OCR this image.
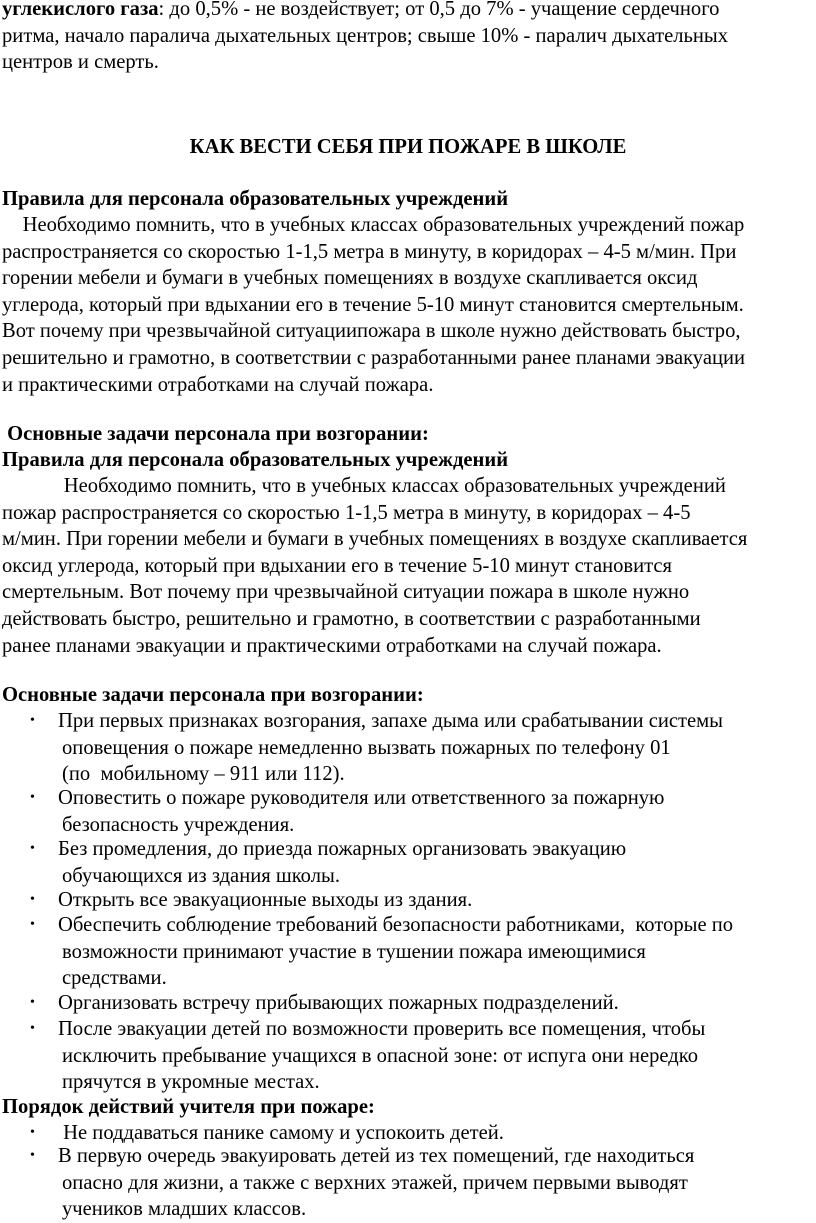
углекислого газа: до 0,5% - не воздействует; от 0,5 до 7% - учащение сердечного
ритма, начало паралича дыхательных центров; свыше 10% - паралич дыхательных
центров и смерть.
КАК ВЕСТИ СЕБЯ ПРИ ПОЖАРЕ В ШКОЛЕ
Правила для персонала образовательных учреждений
Необходимо помнить, что в учебных классах образовательных учреждений пожар
распространяется со скоростью 1-1,5 метра в минуту, в коридорах – 4-5 м/мин. При
горении мебели и бумаги в учебных помещениях в воздухе скапливается оксид
углерода, который при вдыхании его в течение 5-10 минут становится смертельным.
Вот почему при чрезвычайной ситуациипожара в школе нужно действовать быстро,
решительно и грамотно, в соответствии с разработанными ранее планами эвакуации
и практическими отработками на случай пожара.
Основные задачи персонала при возгорании:
Правила для персонала образовательных учреждений
Необходимо помнить, что в учебных классах образовательных учреждений
пожар распространяется со скоростью 1-1,5 метра в минуту, в коридорах – 4-5
м/мин. При горении мебели и бумаги в учебных помещениях в воздухе скапливается
оксид углерода, который при вдыхании его в течение 5-10 минут становится
смертельным. Вот почему при чрезвычайной ситуации пожара в школе нужно
действовать быстро, решительно и грамотно, в соответствии с разработанными
ранее планами эвакуации и практическими отработками на случай пожара.
Основные задачи персонала при возгорании:
• При первых признаках возгорания, запахе дыма или срабатывании системы
оповещения о пожаре немедленно вызвать пожарных по телефону 01
(по  мобильному – 911 или 112).
• Оповестить о пожаре руководителя или ответственного за пожарную
безопасность учреждения.
• Без промедления, до приезда пожарных организовать эвакуацию
обучающихся из здания школы.
• Открыть все эвакуационные выходы из здания.
• Обеспечить соблюдение требований безопасности работниками,  которые по
возможности принимают участие в тушении пожара имеющимися
средствами.
• Организовать встречу прибывающих пожарных подразделений.
• После эвакуации детей по возможности проверить все помещения, чтобы
исключить пребывание учащихся в опасной зоне: от испуга они нередко
прячутся в укромные местах.
Порядок действий учителя при пожаре:
• Не поддаваться панике самому и успокоить детей.
• В первую очередь эвакуировать детей из тех помещений, где находиться
опасно для жизни, а также с верхних этажей, причем первыми выводят
учеников младших классов.
